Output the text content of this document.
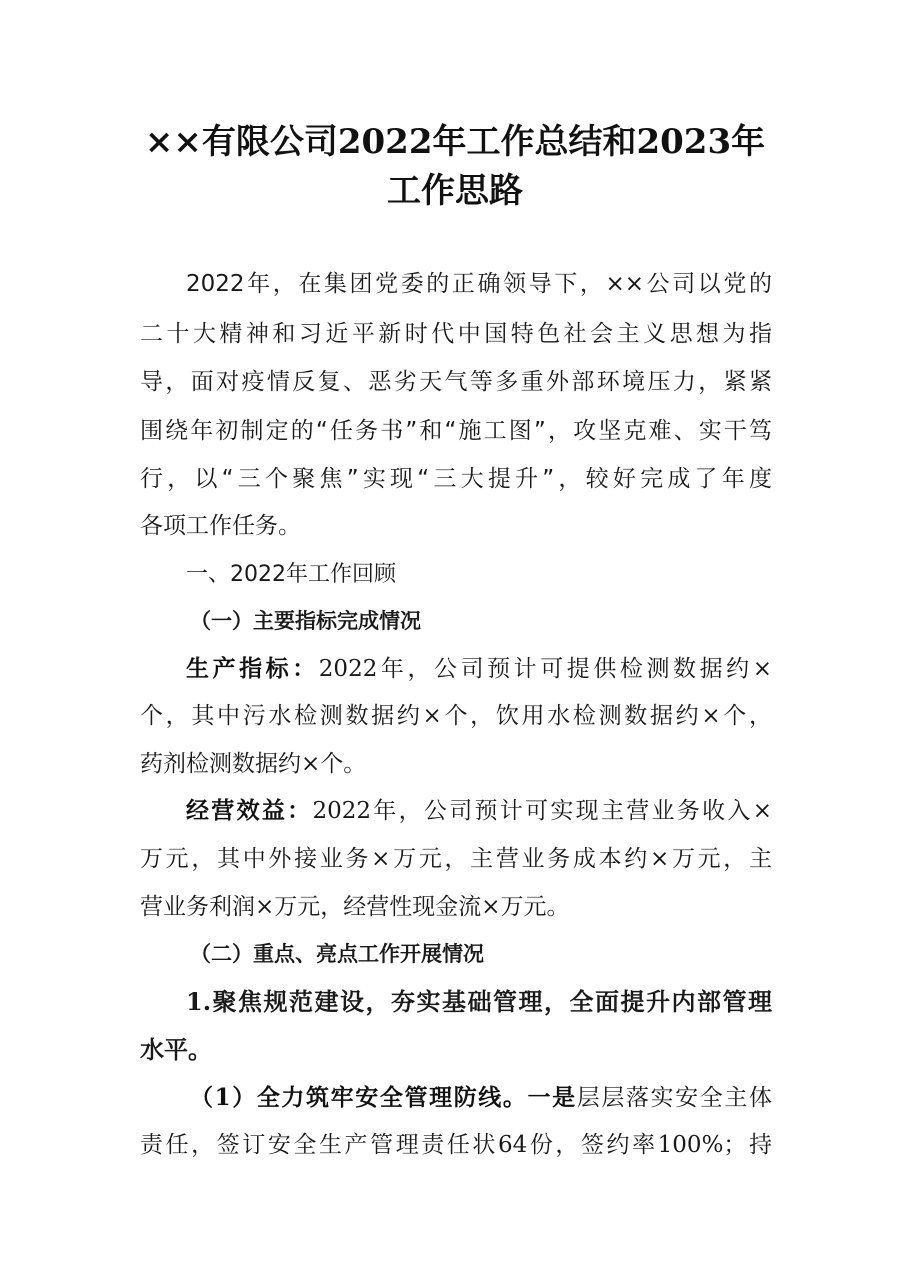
××有限公司2022年工作总结和2023年
工作思路
2022年，在集团党委的正确领导下，××公司以党的
二十大精神和习近平新时代中国特色社会主义思想为指
导，面对疫情反复、恶劣天气等多重外部环境压力，紧紧
围绕年初制定的“任务书”和“施工图”，攻坚克难、实干笃
行，以“三个聚焦”实现“三大提升”，较好完成了年度
各项工作任务。
一、2022年工作回顾
（一）主要指标完成情况
生产指标：2022年，公司预计可提供检测数据约×
个，其中污水检测数据约×个，饮用水检测数据约×个，
药剂检测数据约×个。
经营效益：2022年，公司预计可实现主营业务收入×
万元，其中外接业务×万元，主营业务成本约×万元，主
营业务利润×万元，经营性现金流×万元。
（二）重点、亮点工作开展情况
1.聚焦规范建设，夯实基础管理，全面提升内部管理
水平。
（1）全力筑牢安全管理防线。一是层层落实安全主体
责任，签订安全生产管理责任状64份，签约率100%；持
